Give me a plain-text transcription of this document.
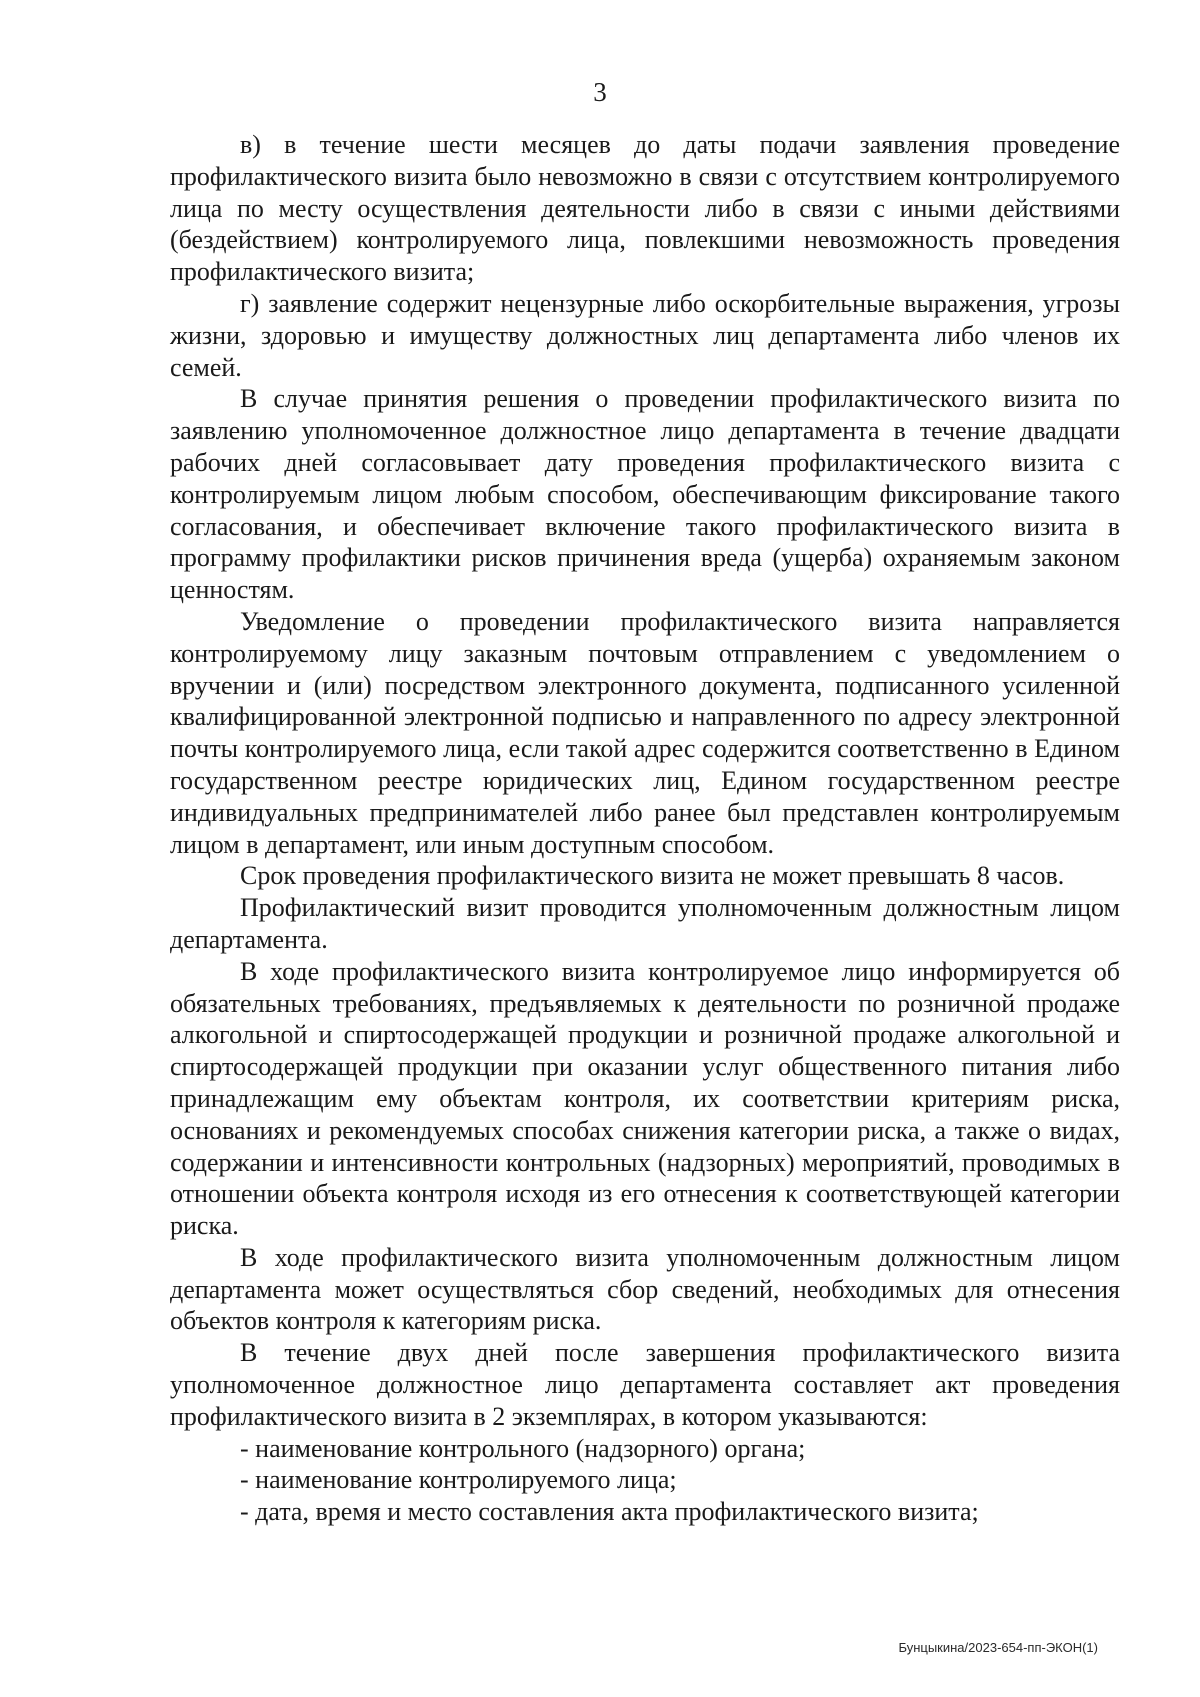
3

в) в течение шести месяцев до даты подачи заявления проведение профилактического визита было невозможно в связи с отсутствием контролируемого лица по месту осуществления деятельности либо в связи с иными действиями (бездействием) контролируемого лица, повлекшими невозможность проведения профилактического визита;

г) заявление содержит нецензурные либо оскорбительные выражения, угрозы жизни, здоровью и имуществу должностных лиц департамента либо членов их семей.

В случае принятия решения о проведении профилактического визита по заявлению уполномоченное должностное лицо департамента в течение двадцати рабочих дней согласовывает дату проведения профилактического визита с контролируемым лицом любым способом, обеспечивающим фиксирование такого согласования, и обеспечивает включение такого профилактического визита в программу профилактики рисков причинения вреда (ущерба) охраняемым законом ценностям.

Уведомление о проведении профилактического визита направляется контролируемому лицу заказным почтовым отправлением с уведомлением о вручении и (или) посредством электронного документа, подписанного усиленной квалифицированной электронной подписью и направленного по адресу электронной почты контролируемого лица, если такой адрес содержится соответственно в Едином государственном реестре юридических лиц, Едином государственном реестре индивидуальных предпринимателей либо ранее был представлен контролируемым лицом в департамент, или иным доступным способом.

Срок проведения профилактического визита не может превышать 8 часов.

Профилактический визит проводится уполномоченным должностным лицом департамента.

В ходе профилактического визита контролируемое лицо информируется об обязательных требованиях, предъявляемых к деятельности по розничной продаже алкогольной и спиртосодержащей продукции и розничной продаже алкогольной и спиртосодержащей продукции при оказании услуг общественного питания либо принадлежащим ему объектам контроля, их соответствии критериям риска, основаниях и рекомендуемых способах снижения категории риска, а также о видах, содержании и интенсивности контрольных (надзорных) мероприятий, проводимых в отношении объекта контроля исходя из его отнесения к соответствующей категории риска.

В ходе профилактического визита уполномоченным должностным лицом департамента может осуществляться сбор сведений, необходимых для отнесения объектов контроля к категориям риска.

В течение двух дней после завершения профилактического визита уполномоченное должностное лицо департамента составляет акт проведения профилактического визита в 2 экземплярах, в котором указываются:

- наименование контрольного (надзорного) органа;

- наименование контролируемого лица;

- дата, время и место составления акта профилактического визита;

Бунцыкина/2023-654-пп-ЭКОН(1)
